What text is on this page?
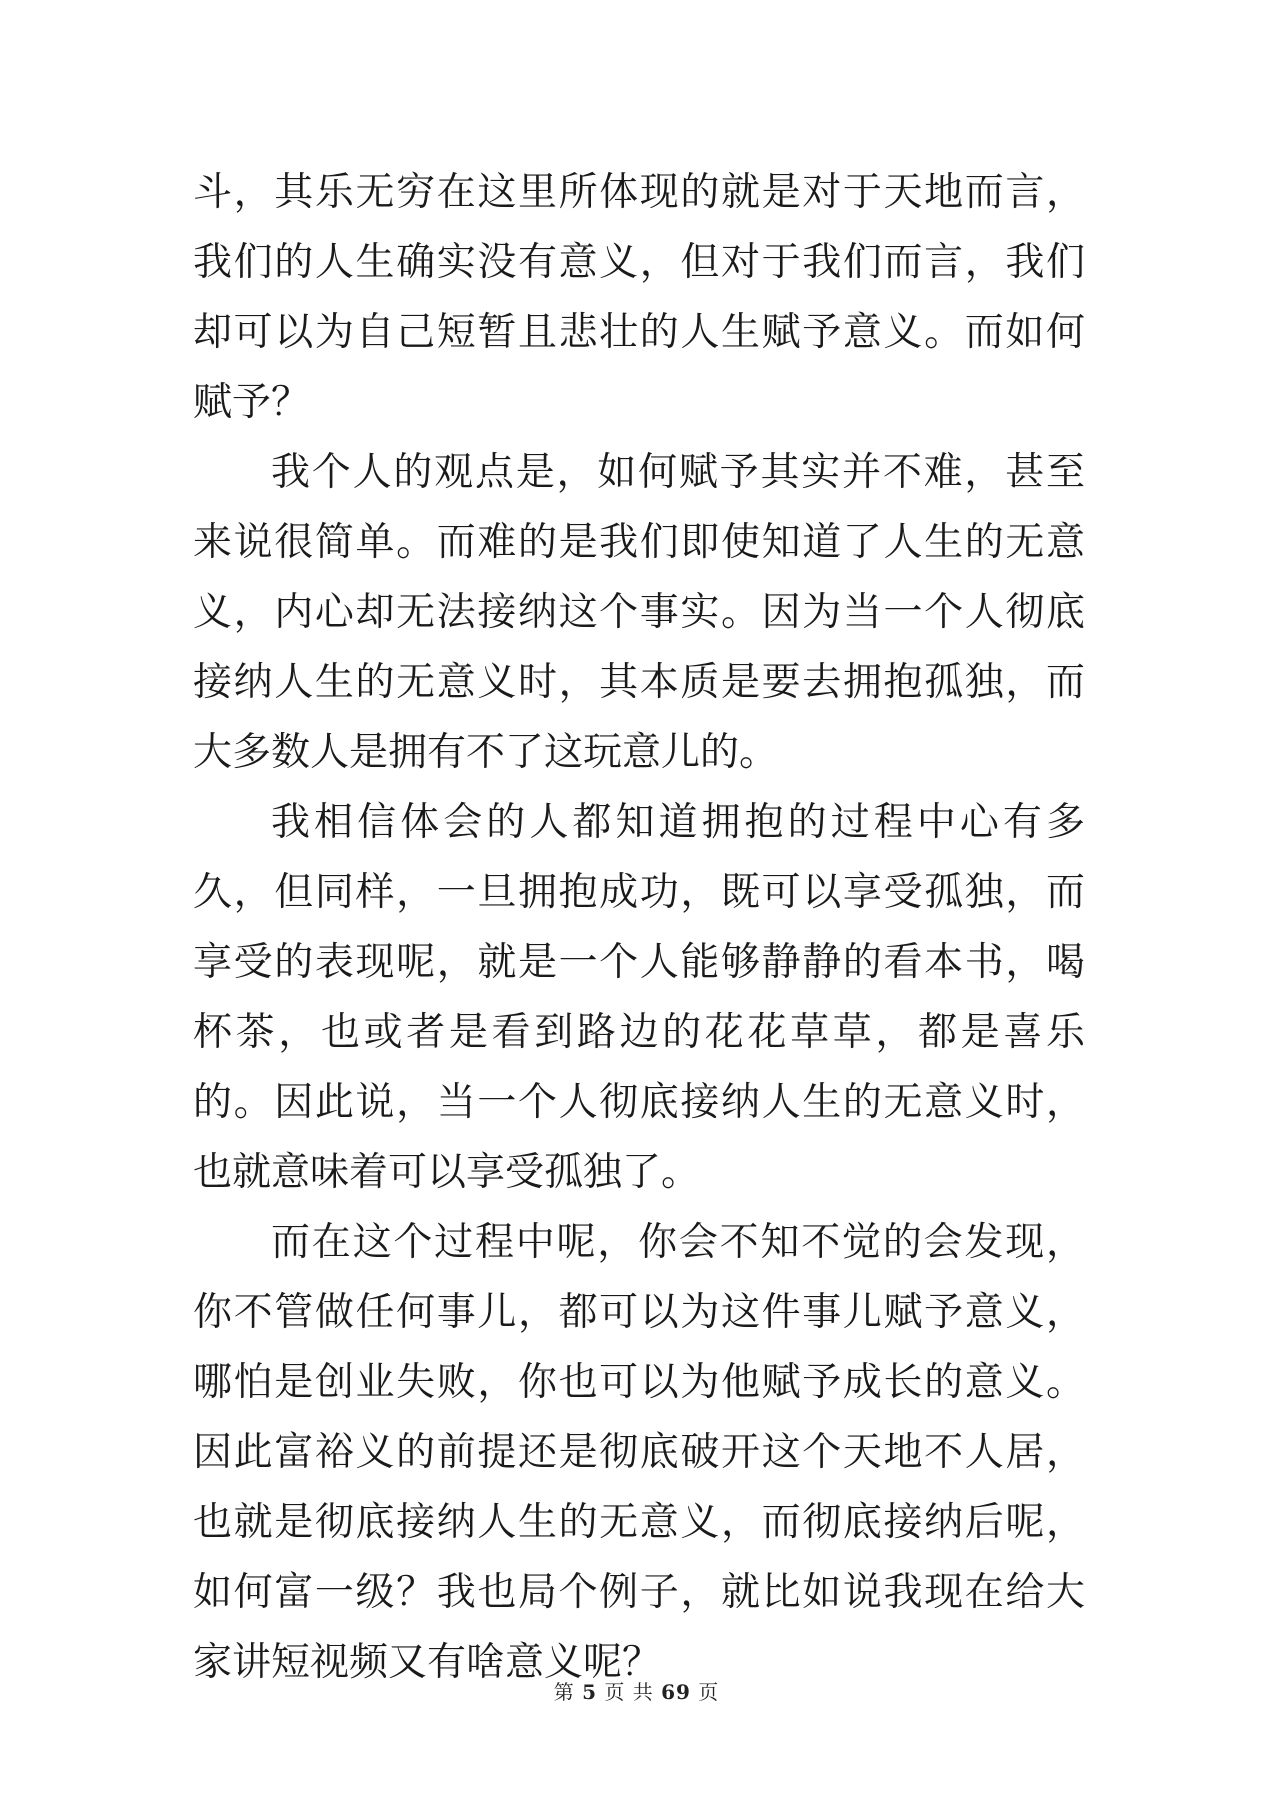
斗，其乐无穷在这里所体现的就是对于天地而言，我们的人生确实没有意义，但对于我们而言，我们却可以为自己短暂且悲壮的人生赋予意义。而如何赋予？

我个人的观点是，如何赋予其实并不难，甚至来说很简单。而难的是我们即使知道了人生的无意义，内心却无法接纳这个事实。因为当一个人彻底接纳人生的无意义时，其本质是要去拥抱孤独，而大多数人是拥有不了这玩意儿的。

我相信体会的人都知道拥抱的过程中心有多久，但同样，一旦拥抱成功，既可以享受孤独，而享受的表现呢，就是一个人能够静静的看本书，喝杯茶，也或者是看到路边的花花草草，都是喜乐的。因此说，当一个人彻底接纳人生的无意义时，也就意味着可以享受孤独了。

而在这个过程中呢，你会不知不觉的会发现，你不管做任何事儿，都可以为这件事儿赋予意义，哪怕是创业失败，你也可以为他赋予成长的意义。因此富裕义的前提还是彻底破开这个天地不人居，也就是彻底接纳人生的无意义，而彻底接纳后呢，如何富一级？我也局个例子，就比如说我现在给大家讲短视频又有啥意义呢？

第 5 页 共 69 页
